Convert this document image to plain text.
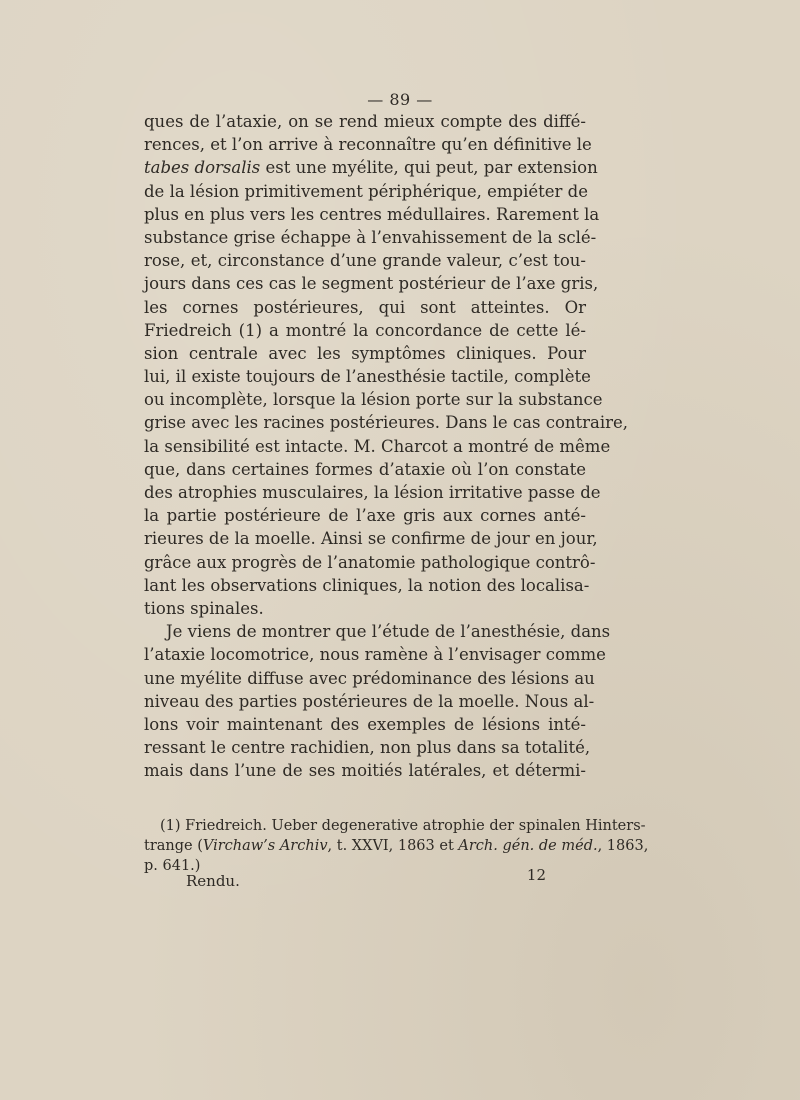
— 89 —
ques de l’ataxie, on se rend mieux compte des diffé-
rences, et l’on arrive à reconnaître qu’en définitive le
tabes dorsalis est une myélite, qui peut, par extension
de la lésion primitivement périphérique, empiéter de
plus en plus vers les centres médullaires. Rarement la
substance grise échappe à l’envahissement de la sclé-
rose, et, circonstance d’une grande valeur, c’est tou-
jours dans ces cas le segment postérieur de l’axe gris,
les cornes postérieures, qui sont atteintes. Or
Friedreich (1) a montré la concordance de cette lé-
sion centrale avec les symptômes cliniques. Pour
lui, il existe toujours de l’anesthésie tactile, complète
ou incomplète, lorsque la lésion porte sur la substance
grise avec les racines postérieures. Dans le cas contraire,
la sensibilité est intacte. M. Charcot a montré de même
que, dans certaines formes d’ataxie où l’on constate
des atrophies musculaires, la lésion irritative passe de
la partie postérieure de l’axe gris aux cornes anté-
rieures de la moelle. Ainsi se confirme de jour en jour,
grâce aux progrès de l’anatomie pathologique contrô-
lant les observations cliniques, la notion des localisa-
tions spinales.
Je viens de montrer que l’étude de l’anesthésie, dans
l’ataxie locomotrice, nous ramène à l’envisager comme
une myélite diffuse avec prédominance des lésions au
niveau des parties postérieures de la moelle. Nous al-
lons voir maintenant des exemples de lésions inté-
ressant le centre rachidien, non plus dans sa totalité,
mais dans l’une de ses moitiés latérales, et détermi-
(1) Friedreich. Ueber degenerative atrophie der spinalen Hinters-
trange (Virchaw’s Archiv, t. XXVI, 1863 et Arch. gén. de méd., 1863,
p. 641.)
Rendu.	12
